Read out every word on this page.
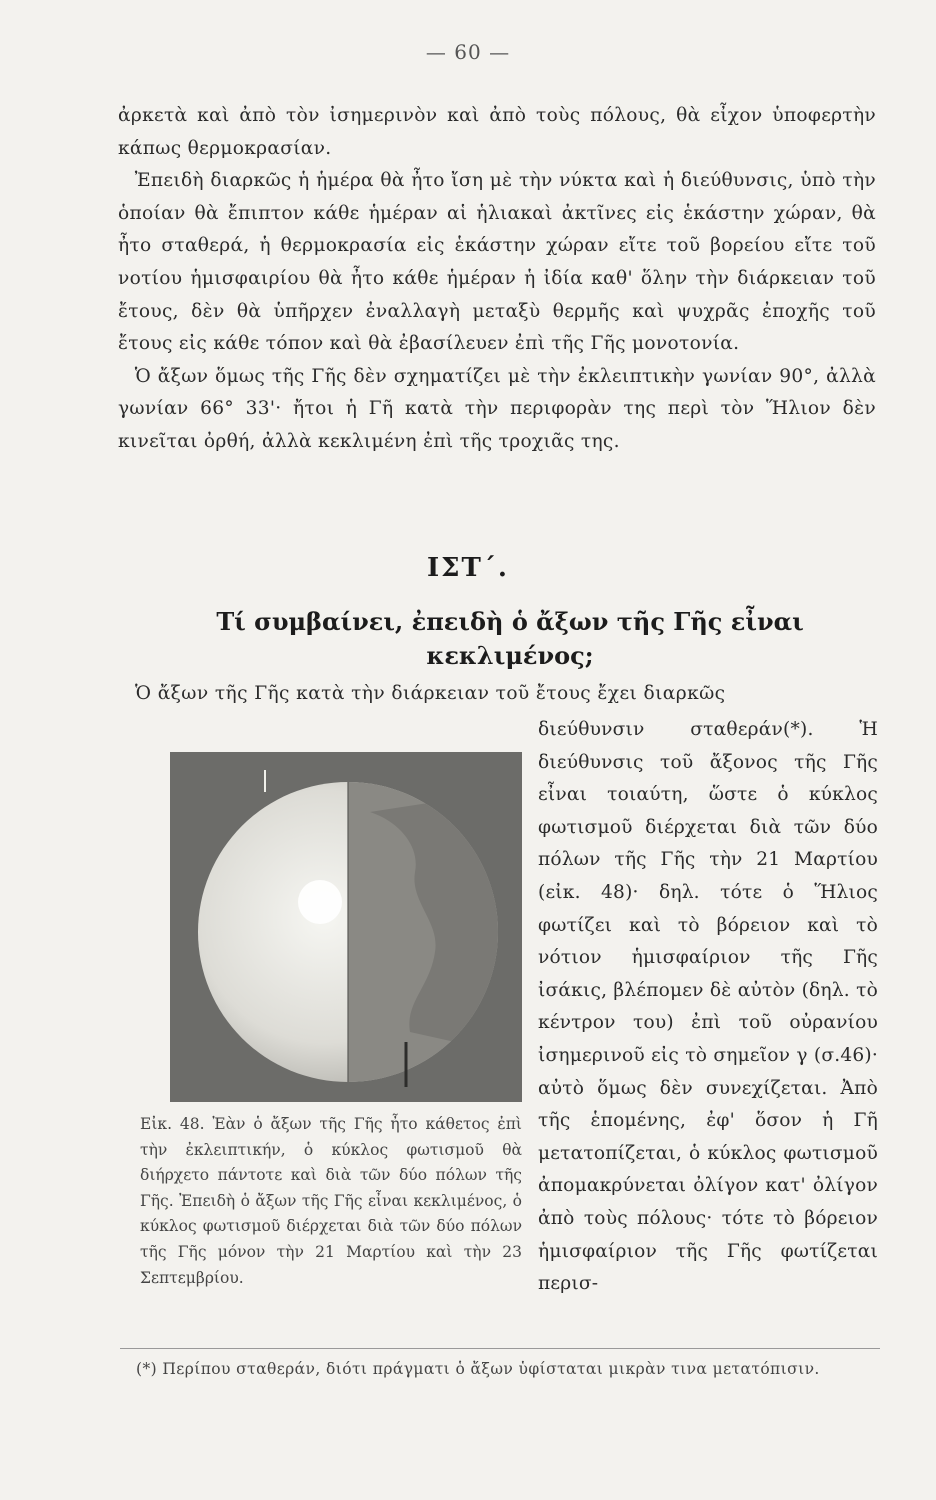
— 60 —

ἀρκετὰ καὶ ἀπὸ τὸν ἰσημερινὸν καὶ ἀπὸ τοὺς πόλους, θὰ εἶχον ὑποφερτὴν κάπως θερμοκρασίαν.

Ἐπειδὴ διαρκῶς ἡ ἡμέρα θὰ ἦτο ἴση μὲ τὴν νύκτα καὶ ἡ διεύθυνσις, ὑπὸ τὴν ὁποίαν θὰ ἔπιπτον κάθε ἡμέραν αἱ ἡλιακαὶ ἀκτῖνες εἰς ἑκάστην χώραν, θὰ ἦτο σταθερά, ἡ θερμοκρασία εἰς ἑκάστην χώραν εἴτε τοῦ βορείου εἴτε τοῦ νοτίου ἡμισφαιρίου θὰ ἦτο κάθε ἡμέραν ἡ ἰδία καθ' ὅλην τὴν διάρκειαν τοῦ ἔτους, δὲν θὰ ὑπῆρχεν ἐναλλαγὴ μεταξὺ θερμῆς καὶ ψυχρᾶς ἐποχῆς τοῦ ἔτους εἰς κάθε τόπον καὶ θὰ ἐβασίλευεν ἐπὶ τῆς Γῆς μονοτονία.

Ὁ ἄξων ὅμως τῆς Γῆς δὲν σχηματίζει μὲ τὴν ἐκλειπτικὴν γωνίαν 90°, ἀλλὰ γωνίαν 66° 33'· ἤτοι ἡ Γῆ κατὰ τὴν περιφορὰν της περὶ τὸν Ἥλιον δὲν κινεῖται ὀρθή, ἀλλὰ κεκλιμένη ἐπὶ τῆς τροχιᾶς της.

ΙΣΤ΄.
Τί συμβαίνει, ἐπειδὴ ὁ ἄξων τῆς Γῆς εἶναι κεκλιμένος;
Ὁ ἄξων τῆς Γῆς κατὰ τὴν διάρκειαν τοῦ ἔτους ἔχει διαρκῶς

διεύθυνσιν σταθεράν(*). Ἡ διεύθυνσις τοῦ ἄξονος τῆς Γῆς εἶναι τοιαύτη, ὥστε ὁ κύκλος φωτισμοῦ διέρχεται διὰ τῶν δύο πόλων τῆς Γῆς τὴν 21 Μαρτίου (εἰκ. 48)· δηλ. τότε ὁ Ἥλιος φωτίζει καὶ τὸ βόρειον καὶ τὸ νότιον ἡμισφαίριον τῆς Γῆς ἰσάκις, βλέπομεν δὲ αὐτὸν (δηλ. τὸ κέντρον του) ἐπὶ τοῦ οὐρανίου ἰσημερινοῦ εἰς τὸ σημεῖον γ (σ.46)· αὐτὸ ὅμως δὲν συνεχίζεται. Ἀπὸ τῆς ἑπομένης, ἐφ' ὅσον ἡ Γῆ μετατοπίζεται, ὁ κύκλος φωτισμοῦ ἀπομακρύνεται ὀλίγον κατ' ὀλίγον ἀπὸ τοὺς πόλους· τότε τὸ βόρειον ἡμισφαίριον τῆς Γῆς φωτίζεται περισ-

Εἰκ. 48. Ἐὰν ὁ ἄξων τῆς Γῆς ἦτο κάθετος ἐπὶ τὴν ἐκλειπτικήν, ὁ κύκλος φωτισμοῦ θὰ διήρχετο πάντοτε καὶ διὰ τῶν δύο πόλων τῆς Γῆς. Ἐπειδὴ ὁ ἄξων τῆς Γῆς εἶναι κεκλιμένος, ὁ κύκλος φωτισμοῦ διέρχεται διὰ τῶν δύο πόλων τῆς Γῆς μόνον τὴν 21 Μαρτίου καὶ τὴν 23 Σεπτεμβρίου.
(*) Περίπου σταθεράν, διότι πράγματι ὁ ἄξων ὑφίσταται μικρὰν τινα μετατόπισιν.
